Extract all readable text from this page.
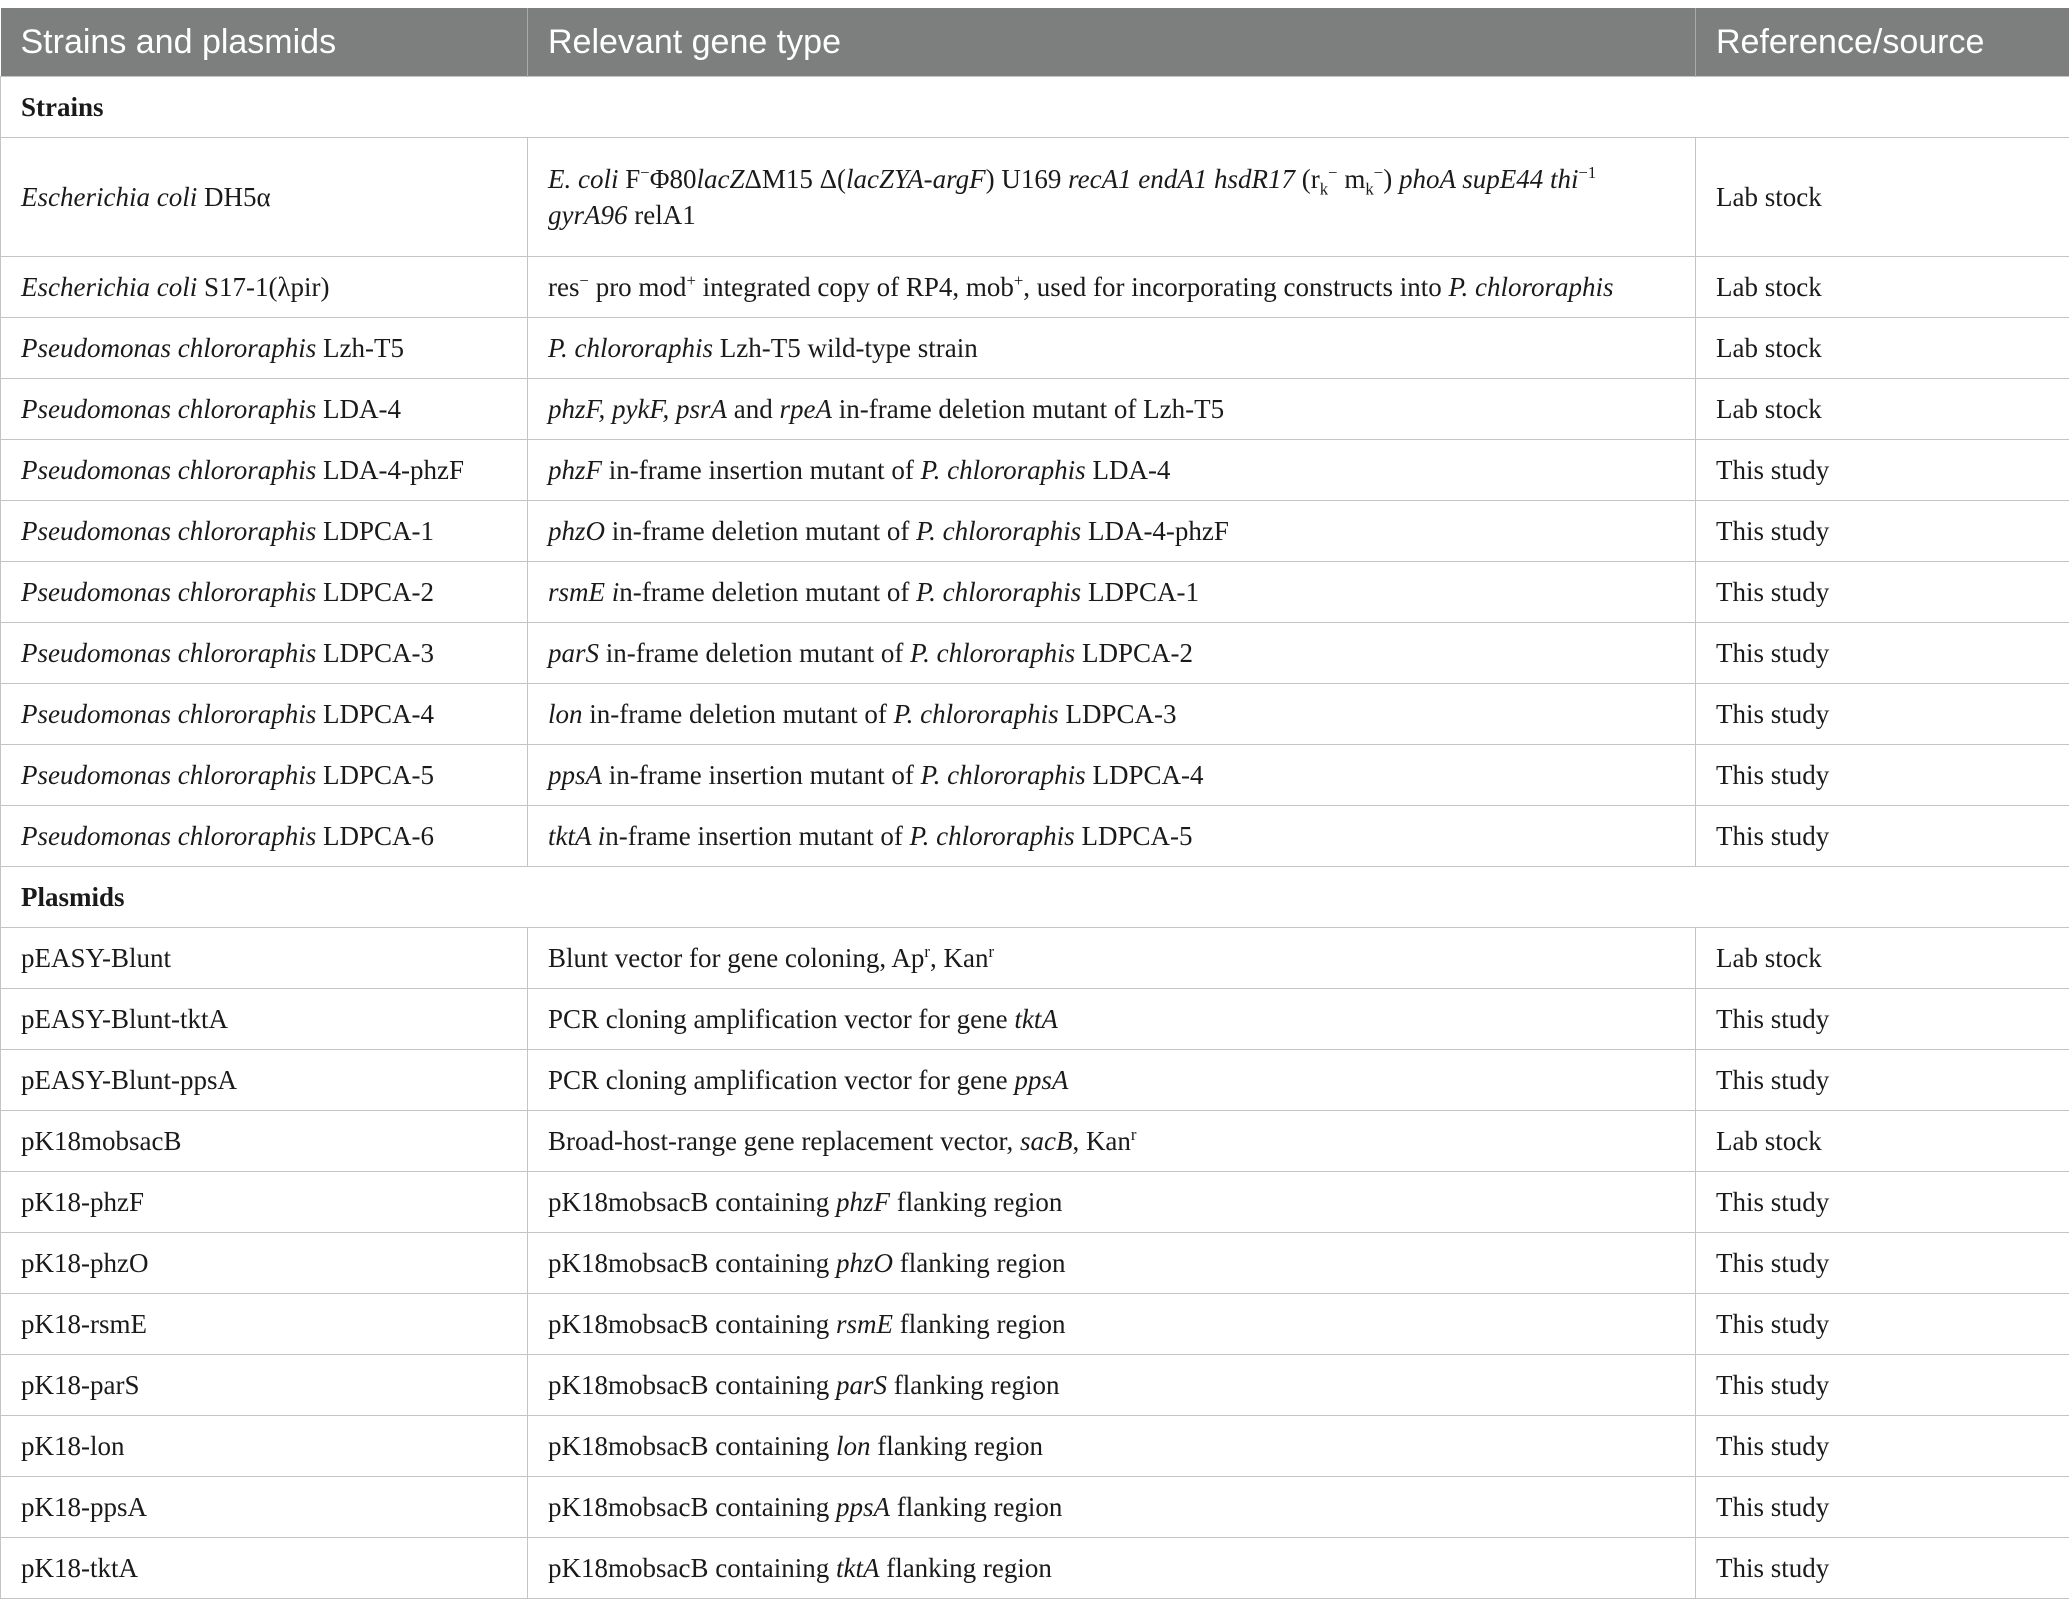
Strains and plasmids	Relevant gene type	Reference/source
Strains		
Escherichia coli DH5α	E. coli F−Φ80lacZΔM15 Δ(lacZYA-argF) U169 recA1 endA1 hsdR17 ($r_k^-$ $m_k^-$) phoA supE44 thi$^{-1}$ gyrA96 relA1	Lab stock
Escherichia coli S17-1(λpir)	res− pro mod+ integrated copy of RP4, mob+, used for incorporating constructs into P. chlororaphis	Lab stock
Pseudomonas chlororaphis Lzh-T5	P. chlororaphis Lzh-T5 wild-type strain	Lab stock
Pseudomonas chlororaphis LDA-4	phzF, pykF, psrA and rpeA in-frame deletion mutant of Lzh-T5	Lab stock
Pseudomonas chlororaphis LDA-4-phzF	phzF in-frame insertion mutant of P. chlororaphis LDA-4	This study
Pseudomonas chlororaphis LDPCA-1	phzO in-frame deletion mutant of P. chlororaphis LDA-4-phzF	This study
Pseudomonas chlororaphis LDPCA-2	rsmE in-frame deletion mutant of P. chlororaphis LDPCA-1	This study
Pseudomonas chlororaphis LDPCA-3	parS in-frame deletion mutant of P. chlororaphis LDPCA-2	This study
Pseudomonas chlororaphis LDPCA-4	lon in-frame deletion mutant of P. chlororaphis LDPCA-3	This study
Pseudomonas chlororaphis LDPCA-5	ppsA in-frame insertion mutant of P. chlororaphis LDPCA-4	This study
Pseudomonas chlororaphis LDPCA-6	tktA in-frame insertion mutant of P. chlororaphis LDPCA-5	This study
Plasmids		
pEASY-Blunt	Blunt vector for gene coloning, Ap$^r$, Kan$^r$	Lab stock
pEASY-Blunt-tktA	PCR cloning amplification vector for gene tktA	This study
pEASY-Blunt-ppsA	PCR cloning amplification vector for gene ppsA	This study
pK18mobsacB	Broad-host-range gene replacement vector, sacB, Kan$^r$	Lab stock
pK18-phzF	pK18mobsacB containing phzF flanking region	This study
pK18-phzO	pK18mobsacB containing phzO flanking region	This study
pK18-rsmE	pK18mobsacB containing rsmE flanking region	This study
pK18-parS	pK18mobsacB containing parS flanking region	This study
pK18-lon	pK18mobsacB containing lon flanking region	This study
pK18-ppsA	pK18mobsacB containing ppsA flanking region	This study
pK18-tktA	pK18mobsacB containing tktA flanking region	This study
